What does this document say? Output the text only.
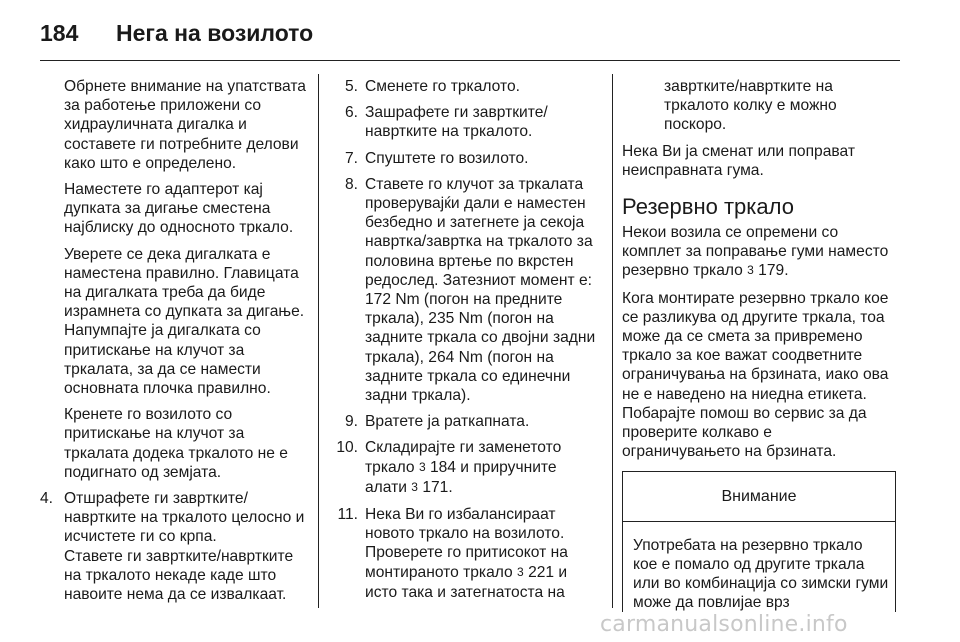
184 Нега на возилото

Обрнете внимание на упатствата за работење приложени со хидрауличната дигалка и составете ги потребните делови како што е определено.

Наместете го адаптерот кај дупката за дигање сместена најблиску до односното тркало.

Уверете се дека дигалката е наместена правилно. Главицата на дигалката треба да биде израмнета со дупката за дигање. Напумпајте ја дигалката со притискање на клучот за тркалата, за да се намести основната плочка правилно.

Кренете го возилото со притискање на клучот за тркалата додека тркалото не е подигнато од земјата.

4. Отшрафете ги завртките/ навртките на тркалото целосно и исчистете ги со крпа.

Ставете ги завртките/навртките на тркалото некаде каде што навоите нема да се извалкаат.

5. Сменете го тркалото.
6. Зашрафете ги завртките/ навртките на тркалото.
7. Спуштете го возилото.
8. Ставете го клучот за тркалата проверувајќи дали е наместен безбедно и затегнете ја секоја навртка/завртка на тркалото за половина вртење по вкрстен редослед. Затезниот момент е: 172 Nm (погон на предните тркала), 235 Nm (погон на задните тркала со двојни задни тркала), 264 Nm (погон на задните тркала со единечни задни тркала).
9. Вратете ја раткапната.
10. Складирајте ги заменетото тркало 3 184 и приручните алати 3 171.
11. Нека Ви го избалансираат новото тркало на возилото.
Проверете го притисокот на монтираното тркало 3 221 и исто така и затегнатоста на

завртките/навртките на тркалото колку е можно поскоро.

Нека Ви ја сменат или поправат неисправната гума.

Резервно тркало

Некои возила се опремени со комплет за поправање гуми наместо резервно тркало 3 179.

Кога монтирате резервно тркало кое се разликува од другите тркала, тоа може да се смета за привремено тркало за кое важат соодветните ограничувања на брзината, иако ова не е наведено на ниедна етикета. Побарајте помош во сервис за да проверите колкаво е ограничувањето на брзината.

Внимание
Употребата на резервно тркало кое е помало од другите тркала или во комбинација со зимски гуми може да повлијае врз
carmanualsonline.info
